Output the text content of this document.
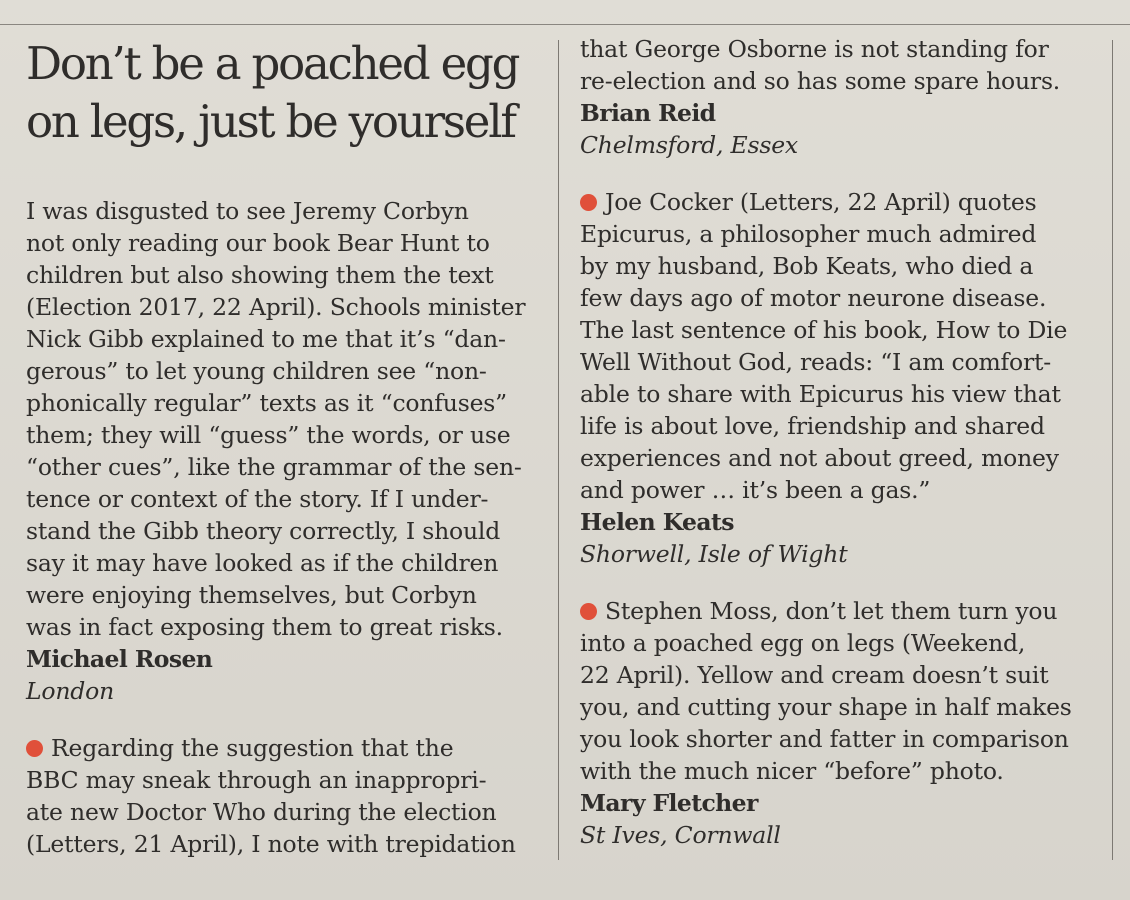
Don’t be a poached egg
on legs, just be yourself
I was disgusted to see Jeremy Corbyn
not only reading our book Bear Hunt to
children but also showing them the text
(Election 2017, 22 April). Schools minister
Nick Gibb explained to me that it’s “dan-
gerous” to let young children see “non-
phonically regular” texts as it “confuses”
them; they will “guess” the words, or use
“other cues”, like the grammar of the sen-
tence or context of the story. If I under-
stand the Gibb theory correctly, I should
say it may have looked as if the children
were enjoying themselves, but Corbyn
was in fact exposing them to great risks.
Michael Rosen
London
Regarding the suggestion that the
BBC may sneak through an inappropri-
ate new Doctor Who during the election
(Letters, 21 April), I note with trepidation
that George Osborne is not standing for
re-election and so has some spare hours.
Brian Reid
Chelmsford, Essex
Joe Cocker (Letters, 22 April) quotes
Epicurus, a philosopher much admired
by my husband, Bob Keats, who died a
few days ago of motor neurone disease.
The last sentence of his book, How to Die
Well Without God, reads: “I am comfort-
able to share with Epicurus his view that
life is about love, friendship and shared
experiences and not about greed, money
and power … it’s been a gas.”
Helen Keats
Shorwell, Isle of Wight
Stephen Moss, don’t let them turn you
into a poached egg on legs (Weekend,
22 April). Yellow and cream doesn’t suit
you, and cutting your shape in half makes
you look shorter and fatter in comparison
with the much nicer “before” photo.
Mary Fletcher
St Ives, Cornwall
